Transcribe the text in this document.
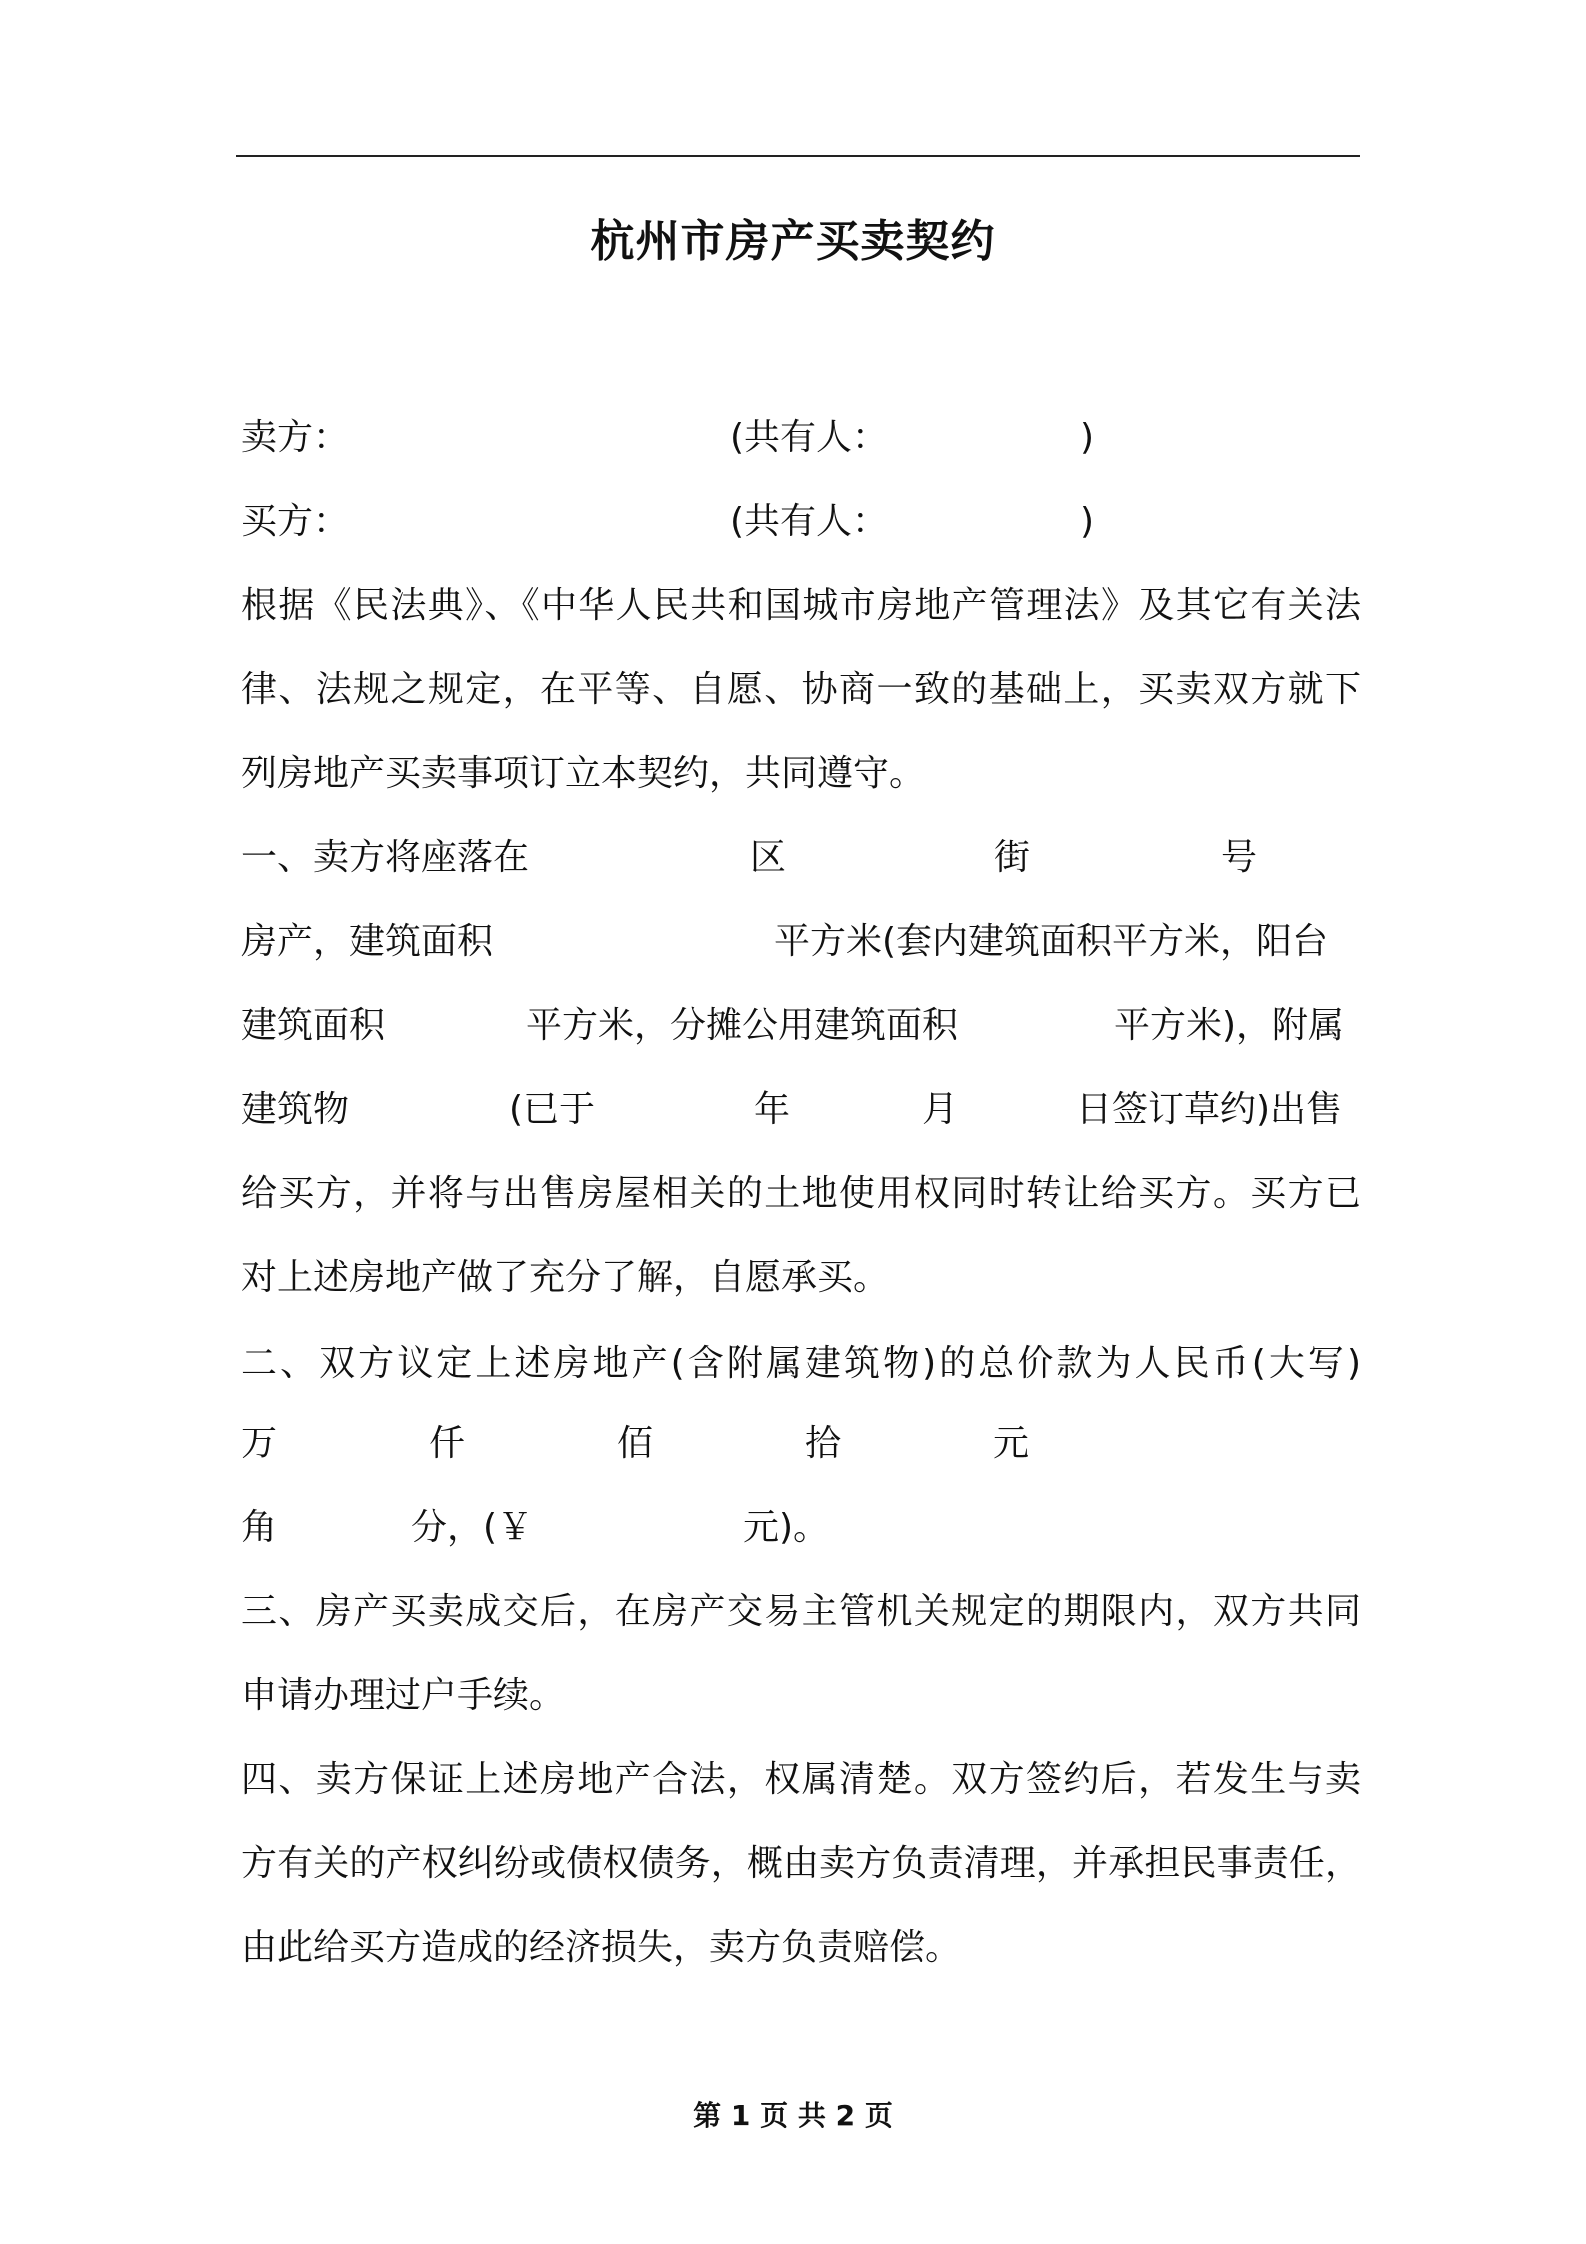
杭州市房产买卖契约
卖方：	(共有人：	)
买方：	(共有人：	)
根据《民法典》、《中华人民共和国城市房地产管理法》及其它有关法
律、法规之规定，在平等、自愿、协商一致的基础上，买卖双方就下
列房地产买卖事项订立本契约，共同遵守。
一、卖方将座落在	区	街	号
房产，建筑面积	平方米(套内建筑面积平方米，阳台
建筑面积	平方米，分摊公用建筑面积	平方米)，附属
建筑物	(已于	年	月	日签订草约)出售
给买方，并将与出售房屋相关的土地使用权同时转让给买方。买方已
对上述房地产做了充分了解，自愿承买。
二、双方议定上述房地产(含附属建筑物)的总价款为人民币(大写)
万	仟	佰	拾	元
角	分，(￥	元)。
三、房产买卖成交后，在房产交易主管机关规定的期限内，双方共同
申请办理过户手续。
四、卖方保证上述房地产合法，权属清楚。双方签约后，若发生与卖
方有关的产权纠纷或债权债务，概由卖方负责清理，并承担民事责任，
由此给买方造成的经济损失，卖方负责赔偿。
第 1 页 共 2 页
